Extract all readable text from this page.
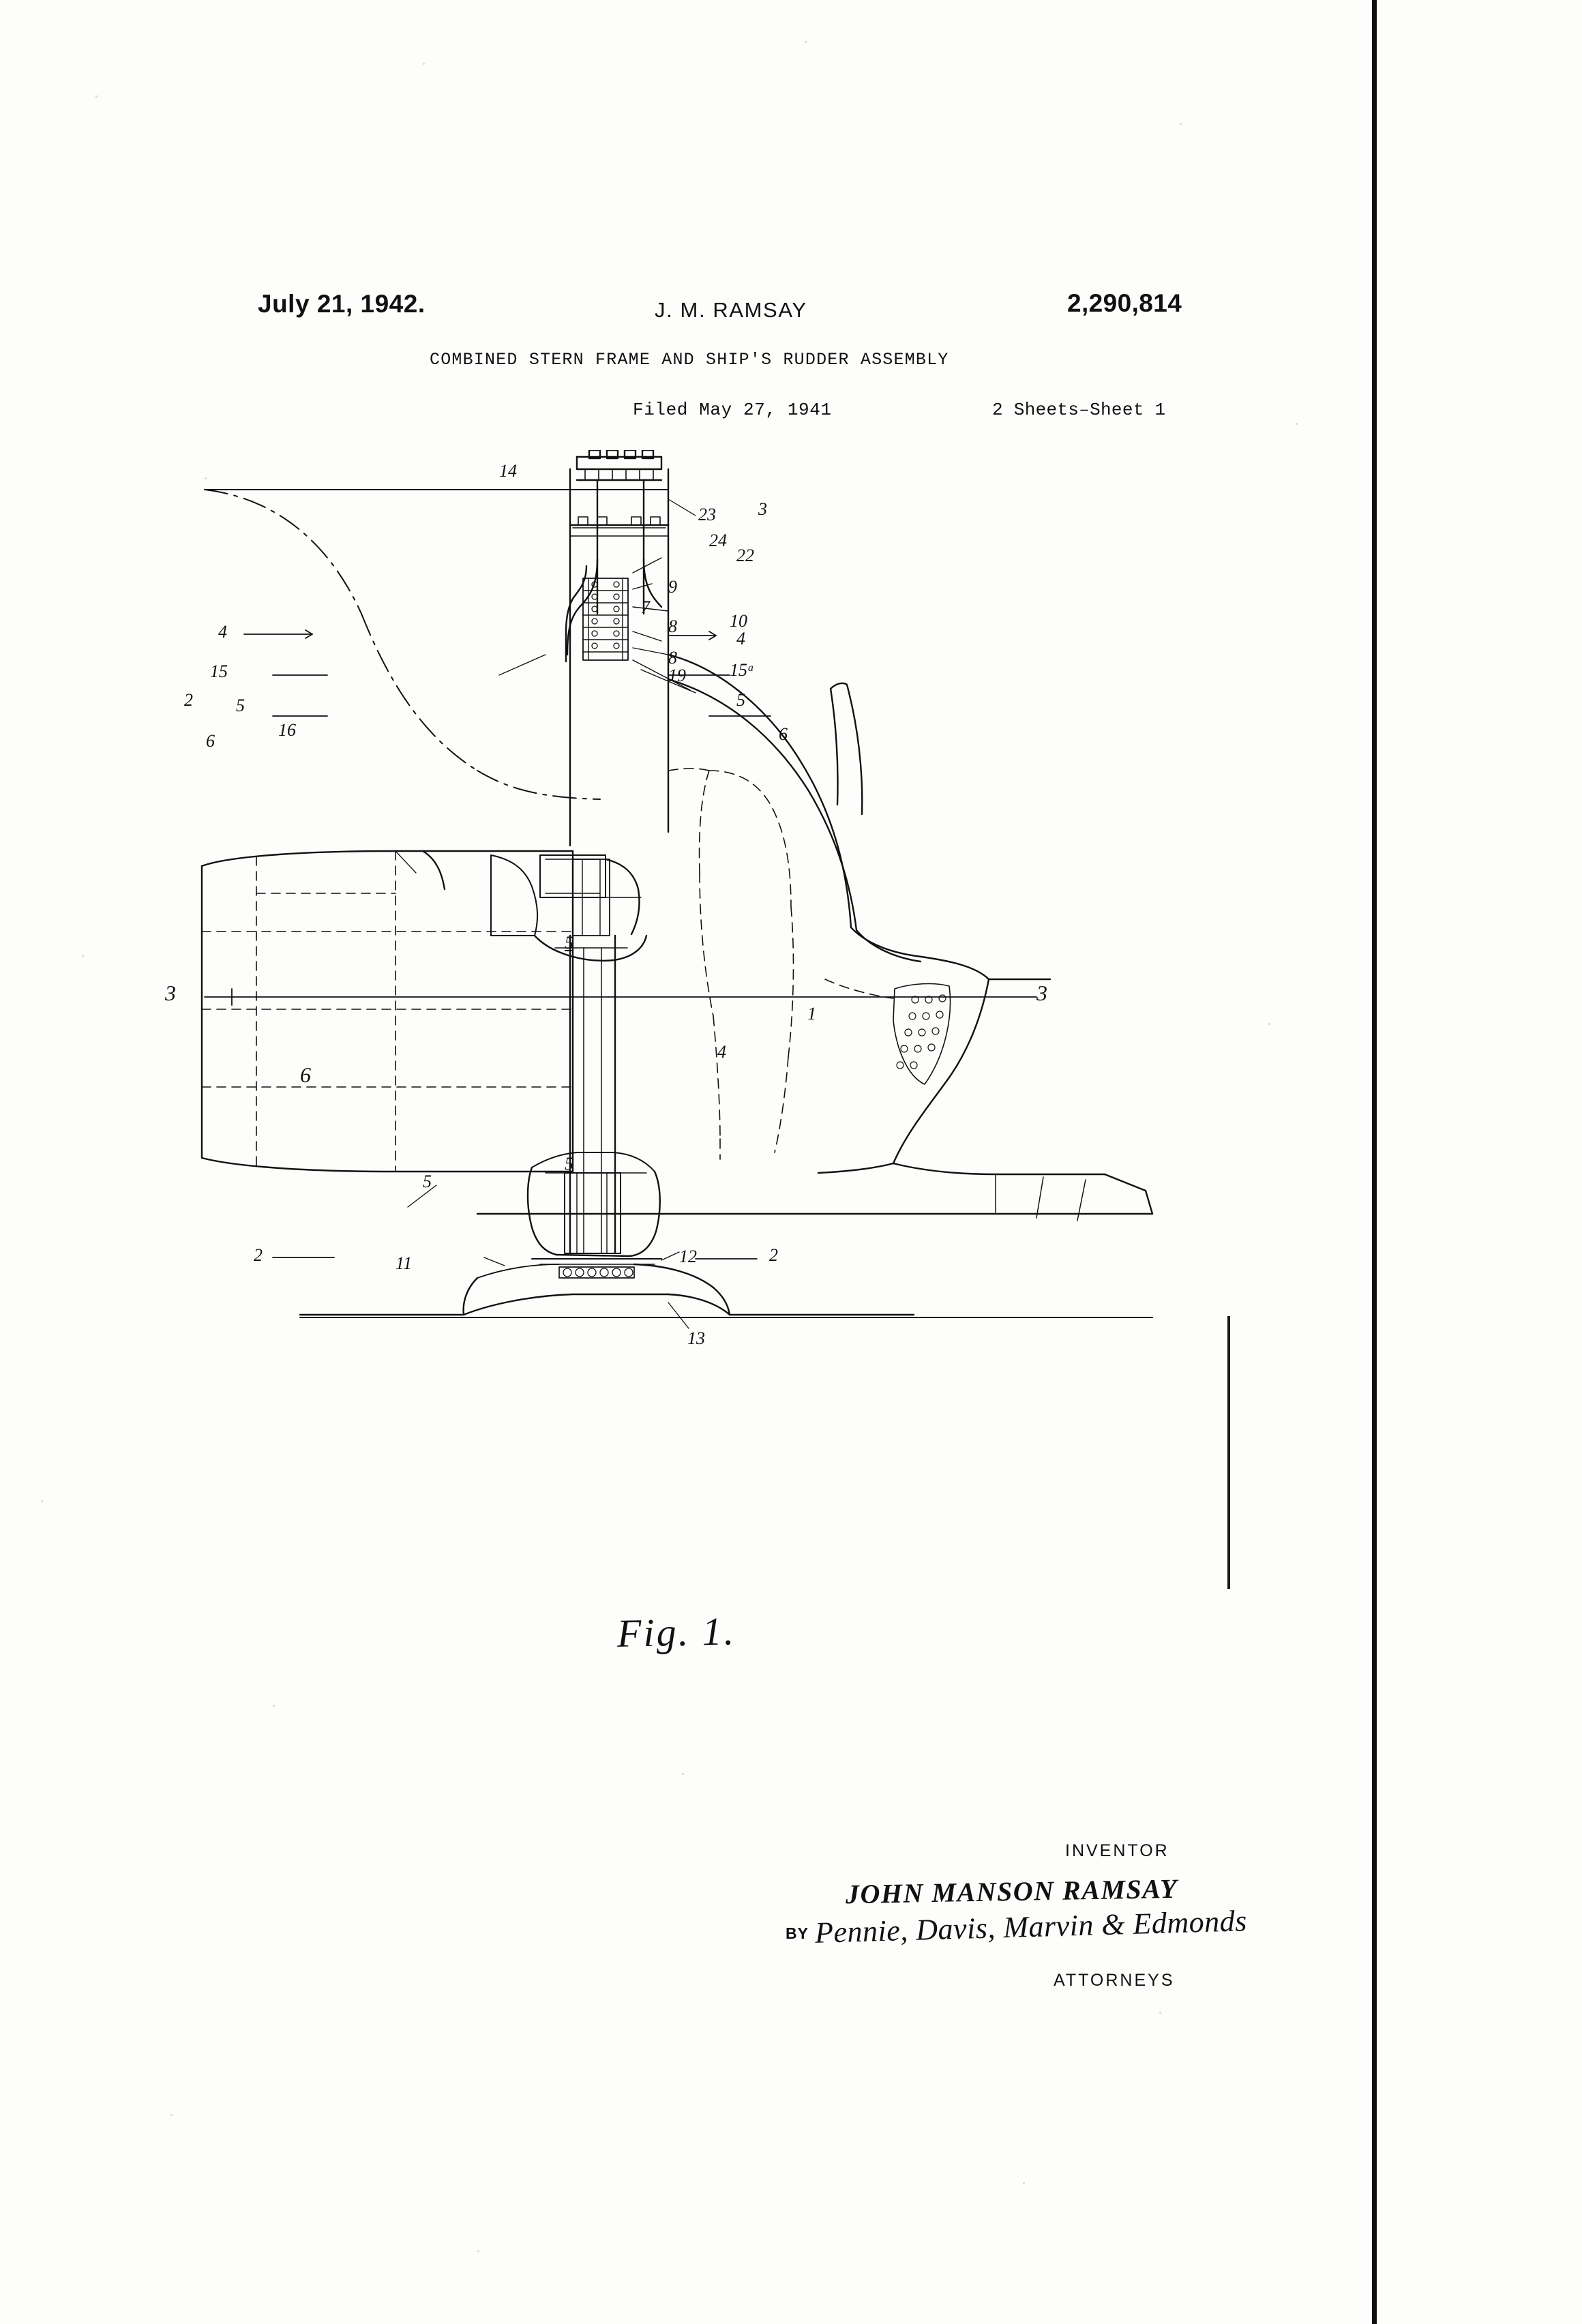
July 21, 1942.	J. M. RAMSAY	2,290,814
COMBINED STERN FRAME AND SHIP'S RUDDER ASSEMBLY
Filed May 27, 1941	2 Sheets–Sheet 1
14
23 3
24
22
9
7
8	10
4	4
8
15	19 15ᵃ
2 5	5
6
16	6
5
1
4
6
5
3	3
5
2	11	12	2
13
Fig. 1.
INVENTOR
JOHN MANSON RAMSAY
BY Pennie, Davis, Marvin & Edmonds
ATTORNEYS
